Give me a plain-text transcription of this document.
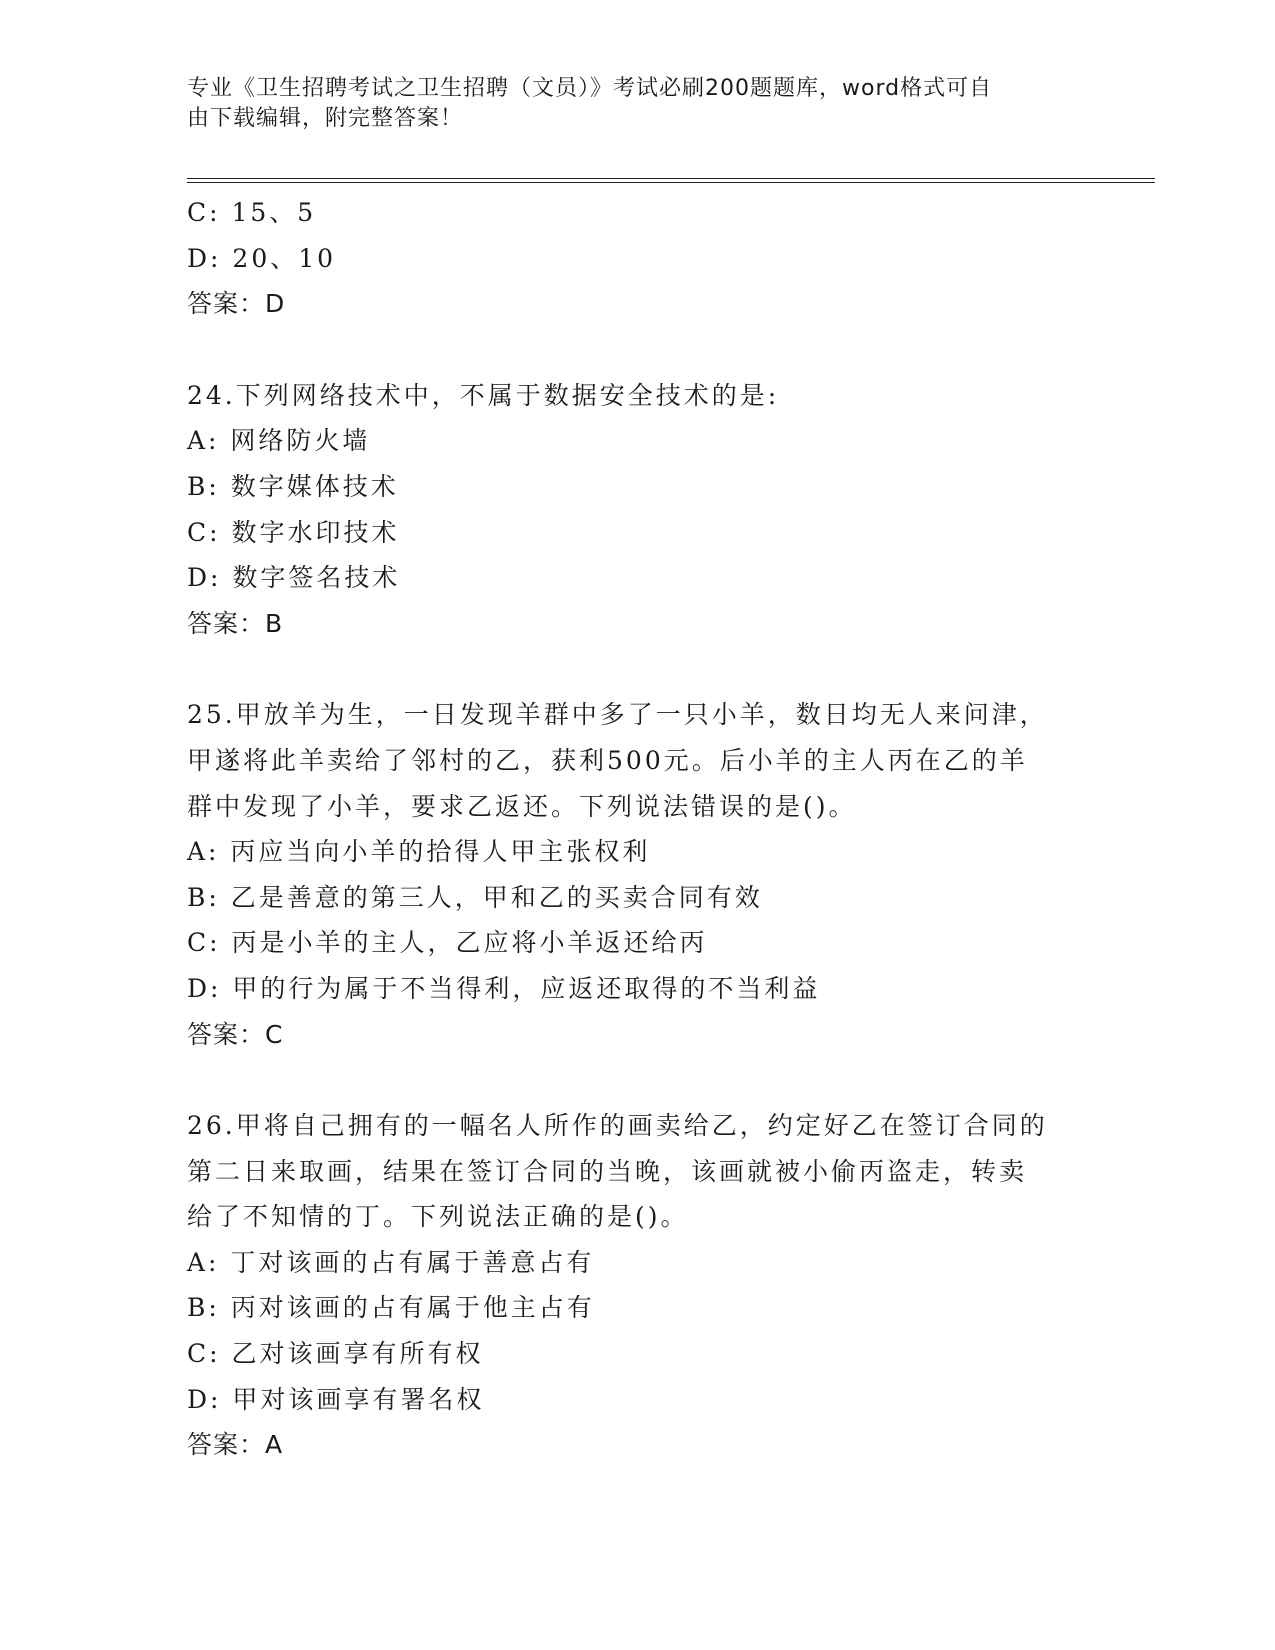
专业《卫生招聘考试之卫生招聘（文员）》考试必刷200题题库，word格式可自
由下载编辑，附完整答案！
C: 15、5
D: 20、10
答案：D
24.下列网络技术中，不属于数据安全技术的是:
A: 网络防火墙
B: 数字媒体技术
C: 数字水印技术
D: 数字签名技术
答案：B
25.甲放羊为生，一日发现羊群中多了一只小羊，数日均无人来问津，
甲遂将此羊卖给了邻村的乙，获利500元。后小羊的主人丙在乙的羊
群中发现了小羊，要求乙返还。下列说法错误的是()。
A: 丙应当向小羊的拾得人甲主张权利
B: 乙是善意的第三人，甲和乙的买卖合同有效
C: 丙是小羊的主人，乙应将小羊返还给丙
D: 甲的行为属于不当得利，应返还取得的不当利益
答案：C
26.甲将自己拥有的一幅名人所作的画卖给乙，约定好乙在签订合同的
第二日来取画，结果在签订合同的当晚，该画就被小偷丙盗走，转卖
给了不知情的丁。下列说法正确的是()。
A: 丁对该画的占有属于善意占有
B: 丙对该画的占有属于他主占有
C: 乙对该画享有所有权
D: 甲对该画享有署名权
答案：A
